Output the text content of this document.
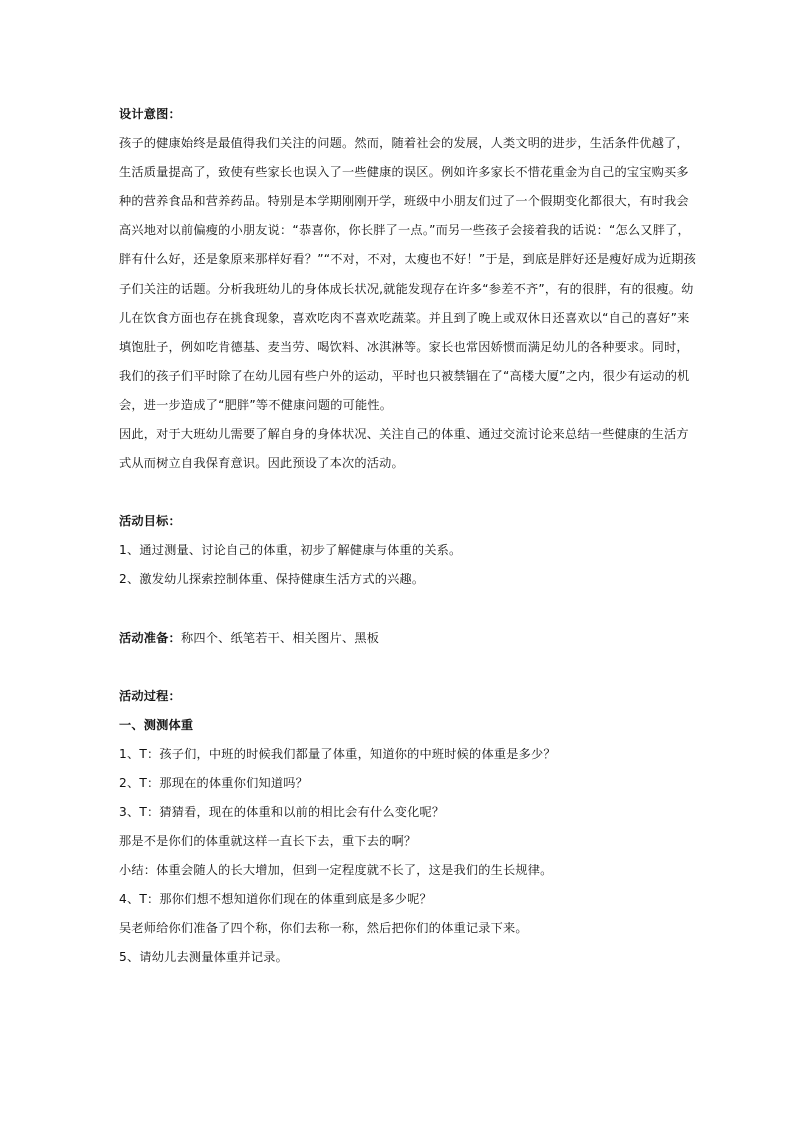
设计意图：
孩子的健康始终是最值得我们关注的问题。然而，随着社会的发展，人类文明的进步，生活条件优越了，
生活质量提高了，致使有些家长也误入了一些健康的误区。例如许多家长不惜花重金为自己的宝宝购买多
种的营养食品和营养药品。特别是本学期刚刚开学，班级中小朋友们过了一个假期变化都很大，有时我会
高兴地对以前偏瘦的小朋友说：“恭喜你，你长胖了一点。”而另一些孩子会接着我的话说：“怎么又胖了，
胖有什么好，还是象原来那样好看？”“不对，不对，太瘦也不好！”于是，到底是胖好还是瘦好成为近期孩
子们关注的话题。分析我班幼儿的身体成长状况,就能发现存在许多“参差不齐”，有的很胖，有的很瘦。幼
儿在饮食方面也存在挑食现象，喜欢吃肉不喜欢吃蔬菜。并且到了晚上或双休日还喜欢以“自己的喜好”来
填饱肚子，例如吃肯德基、麦当劳、喝饮料、冰淇淋等。家长也常因娇惯而满足幼儿的各种要求。同时，
我们的孩子们平时除了在幼儿园有些户外的运动，平时也只被禁锢在了“高楼大厦”之内，很少有运动的机
会，进一步造成了“肥胖”等不健康问题的可能性。
因此，对于大班幼儿需要了解自身的身体状况、关注自己的体重、通过交流讨论来总结一些健康的生活方
式从而树立自我保育意识。因此预设了本次的活动。
活动目标：
1、通过测量、讨论自己的体重，初步了解健康与体重的关系。
2、激发幼儿探索控制体重、保持健康生活方式的兴趣。
活动准备：称四个、纸笔若干、相关图片、黑板
活动过程：
一、测测体重
1、T：孩子们，中班的时候我们都量了体重，知道你的中班时候的体重是多少？
2、T：那现在的体重你们知道吗？
3、T：猜猜看，现在的体重和以前的相比会有什么变化呢？
那是不是你们的体重就这样一直长下去，重下去的啊？
小结：体重会随人的长大增加，但到一定程度就不长了，这是我们的生长规律。
4、T：那你们想不想知道你们现在的体重到底是多少呢？
吴老师给你们准备了四个称，你们去称一称，然后把你们的体重记录下来。
5、请幼儿去测量体重并记录。
